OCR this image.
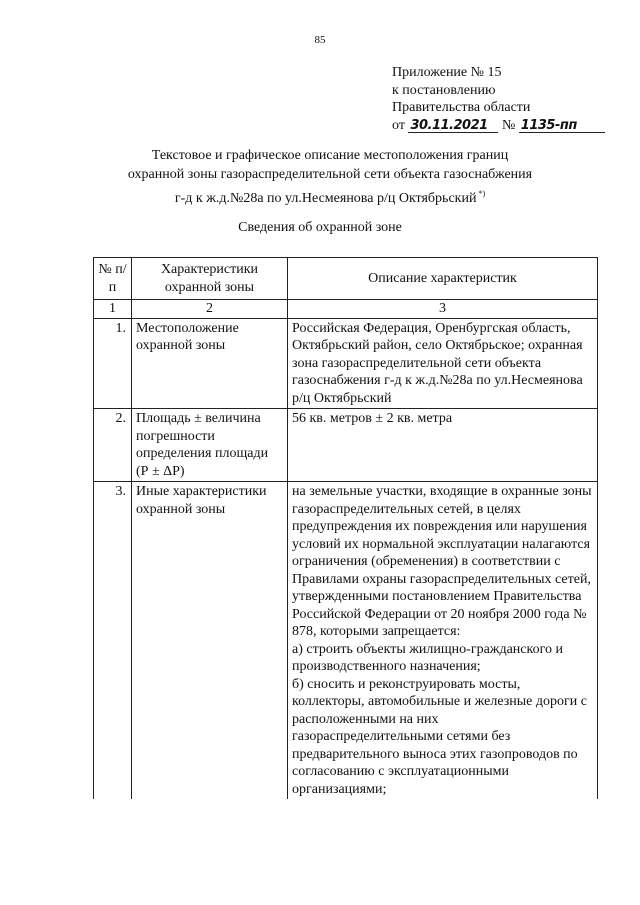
85
Приложение № 15
к постановлению
Правительства области
от 30.11.2021 № 1135-пп
Текстовое и графическое описание местоположения границ
охранной зоны газораспределительной сети объекта газоснабжения
г-д к ж.д.№28а по ул.Несмеянова р/ц Октябрьский *)
Сведения об охранной зоне
№ п/п	Характеристики охранной зоны	Описание характеристик
1	2	3
1.	Местоположение охранной зоны	Российская Федерация, Оренбургская область, Октябрьский район, село Октябрьское; охранная зона газораспределительной сети объекта газоснабжения г-д к ж.д.№28а по ул.Несмеянова р/ц Октябрьский
2.	Площадь ± величина погрешности определения площади (Р ± ΔР)	56 кв. метров ± 2 кв. метра
3.	Иные характеристики охранной зоны	на земельные участки, входящие в охранные зоны газораспределительных сетей, в целях предупреждения их повреждения или нарушения условий их нормальной эксплуатации налагаются ограничения (обременения) в соответствии с Правилами охраны газораспределительных сетей, утвержденными постановлением Правительства Российской Федерации от 20 ноября 2000 года № 878, которыми запрещается:
а) строить объекты жилищно-гражданского и производственного назначения;
б) сносить и реконструировать мосты, коллекторы, автомобильные и железные дороги с расположенными на них газораспределительными сетями без предварительного выноса этих газопроводов по согласованию с эксплуатационными организациями;
